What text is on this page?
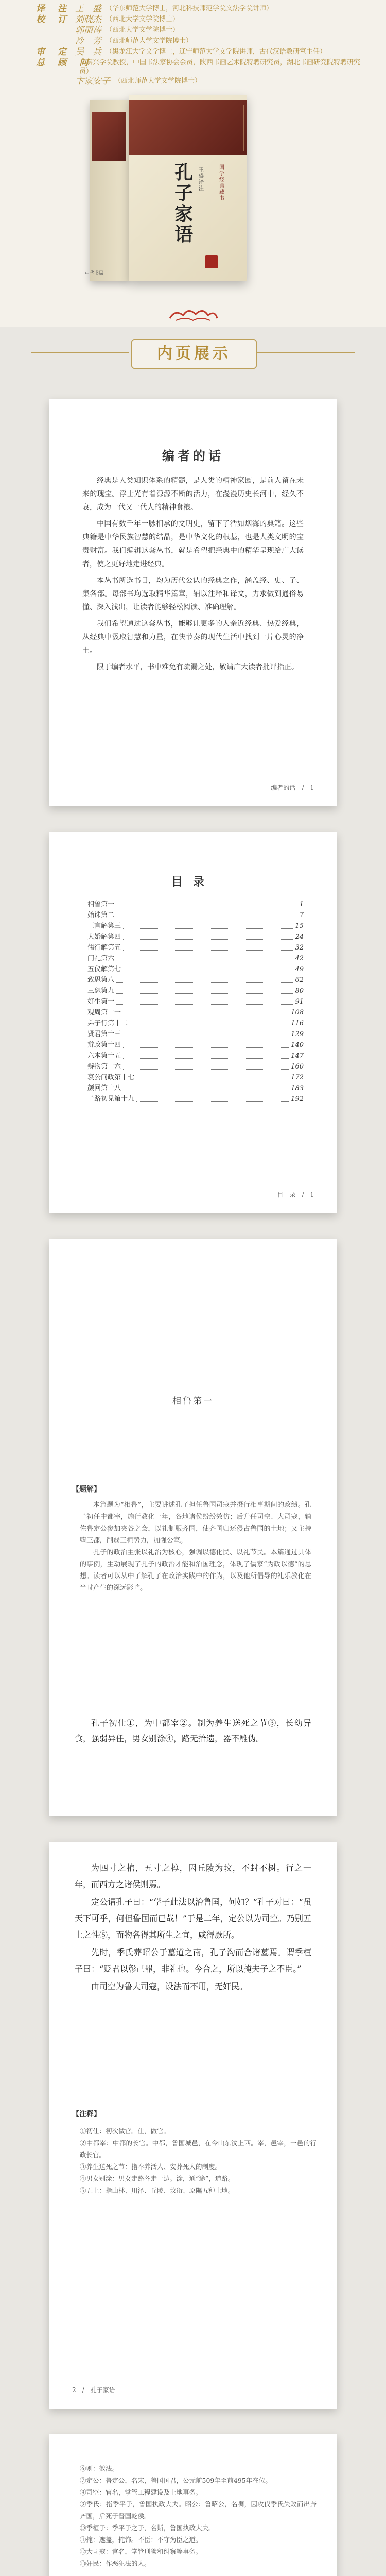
译　注 王　盛 （华东师范大学博士，河北科技师范学院文法学院讲师）
校　订 刘晓杰 （西北大学文学院博士）
郭丽涛 （西北大学文学院博士）
冷　芳 （西北师范大学文学院博士）
审　定 吴　兵 （黑龙江大学文学博士，辽宁师范大学文学院讲师，古代汉语教研室主任）
总　顾　问
（嘉兴学院教授，中国书法家协会会员，陕西书画艺术院特聘研究员，湖北书画研究院特聘研究员）
卞家安子 （西北师范大学文学院博士）
孔子家语
王盛译注
国学经典藏书
中华书局
内页展示
编者的话

经典是人类知识体系的精髓，是人类的精神家园，是前人留在未来的瑰宝。浮士光有着源源不断的活力，在漫漫历史长河中，经久不衰，成为一代又一代人的精神食粮。

中国有数千年一脉相承的文明史，留下了浩如烟海的典籍。这些典籍是中华民族智慧的结晶，是中华文化的根基，也是人类文明的宝贵财富。我们编辑这套丛书，就是希望把经典中的精华呈现给广大读者，使之更好地走进经典。

本丛书所选书目，均为历代公认的经典之作，涵盖经、史、子、集各部。每部书均选取精华篇章，辅以注释和译文，力求做到通俗易懂、深入浅出，让读者能够轻松阅读、准确理解。

我们希望通过这套丛书，能够让更多的人亲近经典、热爱经典，从经典中汲取智慧和力量，在快节奏的现代生活中找到一片心灵的净土。

限于编者水平，书中难免有疏漏之处，敬请广大读者批评指正。

编者的话　/　1
目录
相鲁第一	1
始诛第二	7
王言解第三	15
大婚解第四	24
儒行解第五	32
问礼第六	42
五仪解第七	49
致思第八	62
三恕第九	80
好生第十	91
观周第十一	108
弟子行第十二	116
贤君第十三	129
辩政第十四	140
六本第十五	147
辩物第十六	160
哀公问政第十七	172
颜回第十八	183
子路初见第十九	192
目　录　/　1
相鲁第一
【题解】

本篇题为“相鲁”，主要讲述孔子担任鲁国司寇并摄行相事期间的政绩。孔子初任中都宰，施行教化一年，各地诸侯纷纷效仿；后升任司空、大司寇，辅佐鲁定公参加夹谷之会，以礼制服齐国，使齐国归还侵占鲁国的土地；又主持堕三都，削弱三桓势力，加强公室。

孔子的政治主张以礼治为核心，强调以德化民、以礼节民。本篇通过具体的事例，生动展现了孔子的政治才能和治国理念，体现了儒家“为政以德”的思想。读者可以从中了解孔子在政治实践中的作为，以及他所倡导的礼乐教化在当时产生的深远影响。

孔子初仕①，为中都宰②。制为养生送死之节③，长幼异食，强弱异任，男女别涂④，路无拾遗，器不雕伪。

为四寸之棺，五寸之椁，因丘陵为坟，不封不树。行之一年，而西方之诸侯则焉。

定公谓孔子曰：“学子此法以治鲁国，何如？”孔子对曰：“虽天下可乎，何但鲁国而已哉！”于是二年，定公以为司空。乃别五土之性⑤，而物各得其所生之宜，咸得厥所。

先时，季氏葬昭公于墓道之南，孔子沟而合诸墓焉。谓季桓子曰：“贬君以彰己罪，非礼也。今合之，所以掩夫子之不臣。”

由司空为鲁大司寇，设法而不用，无奸民。

【注释】

①初仕：初次做官。仕，做官。

②中都宰：中都的长官。中都，鲁国城邑，在今山东汶上西。宰，邑宰，一邑的行政长官。

③养生送死之节：指奉养活人、安葬死人的制度。

④男女别涂：男女走路各走一边。涂，通“途”，道路。

⑤五土：指山林、川泽、丘陵、坟衍、原隰五种土地。

2　/　孔子家语

⑥则：效法。

⑦定公：鲁定公，名宋，鲁国国君，公元前509年至前495年在位。

⑧司空：官名，掌管工程建设及土地事务。

⑨季氏：指季平子，鲁国执政大夫。昭公：鲁昭公，名裯，因攻伐季氏失败而出奔齐国，后死于晋国乾侯。

⑩季桓子：季平子之子，名斯，鲁国执政大夫。

⑪掩：遮盖，掩饰。不臣：不守为臣之道。

⑫大司寇：官名，掌管刑狱和纠察等事务。

⑬奸民：作恶犯法的人。
